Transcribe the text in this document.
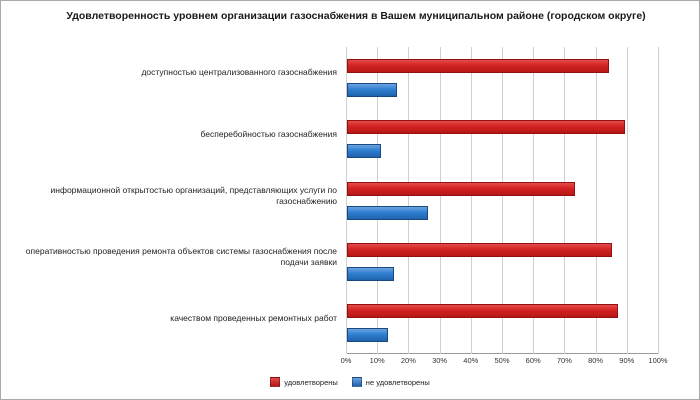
Удовлетворенность уровнем организации газоснабжения в Вашем муниципальном районе (городском округе)
доступностью централизованного газоснабжения
бесперебойностью газоснабжения
информационной открытостью организаций, представляющих услуги по газоснабжению
оперативностью проведения ремонта объектов системы газоснабжения после подачи заявки
качеством проведенных ремонтных работ
0% 10% 20% 30% 40% 50% 60% 70% 80% 90% 100%
удовлетворены	не удовлетворены
